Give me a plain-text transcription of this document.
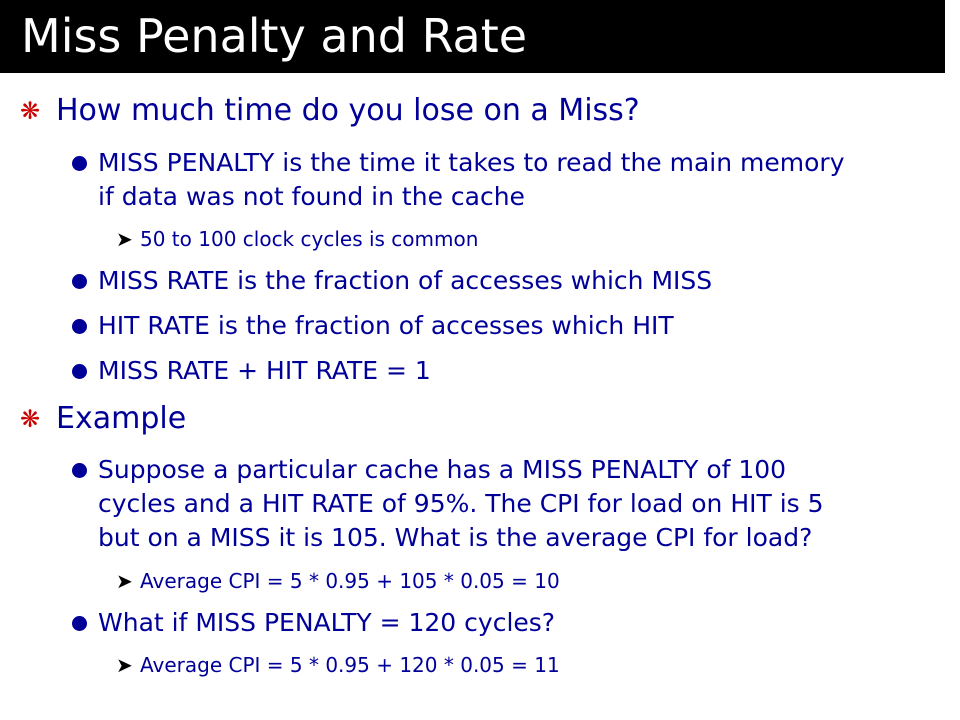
Miss Penalty and Rate
❋ How much time do you lose on a Miss?
MISS PENALTY is the time it takes to read the main memory
if data was not found in the cache
➤ 50 to 100 clock cycles is common
MISS RATE is the fraction of accesses which MISS
HIT RATE is the fraction of accesses which HIT
MISS RATE + HIT RATE = 1
❋ Example
Suppose a particular cache has a MISS PENALTY of 100
cycles and a HIT RATE of 95%. The CPI for load on HIT is 5
but on a MISS it is 105. What is the average CPI for load?
➤ Average CPI = 5 * 0.95 + 105 * 0.05 = 10
What if MISS PENALTY = 120 cycles?
➤ Average CPI = 5 * 0.95 + 120 * 0.05 = 11
